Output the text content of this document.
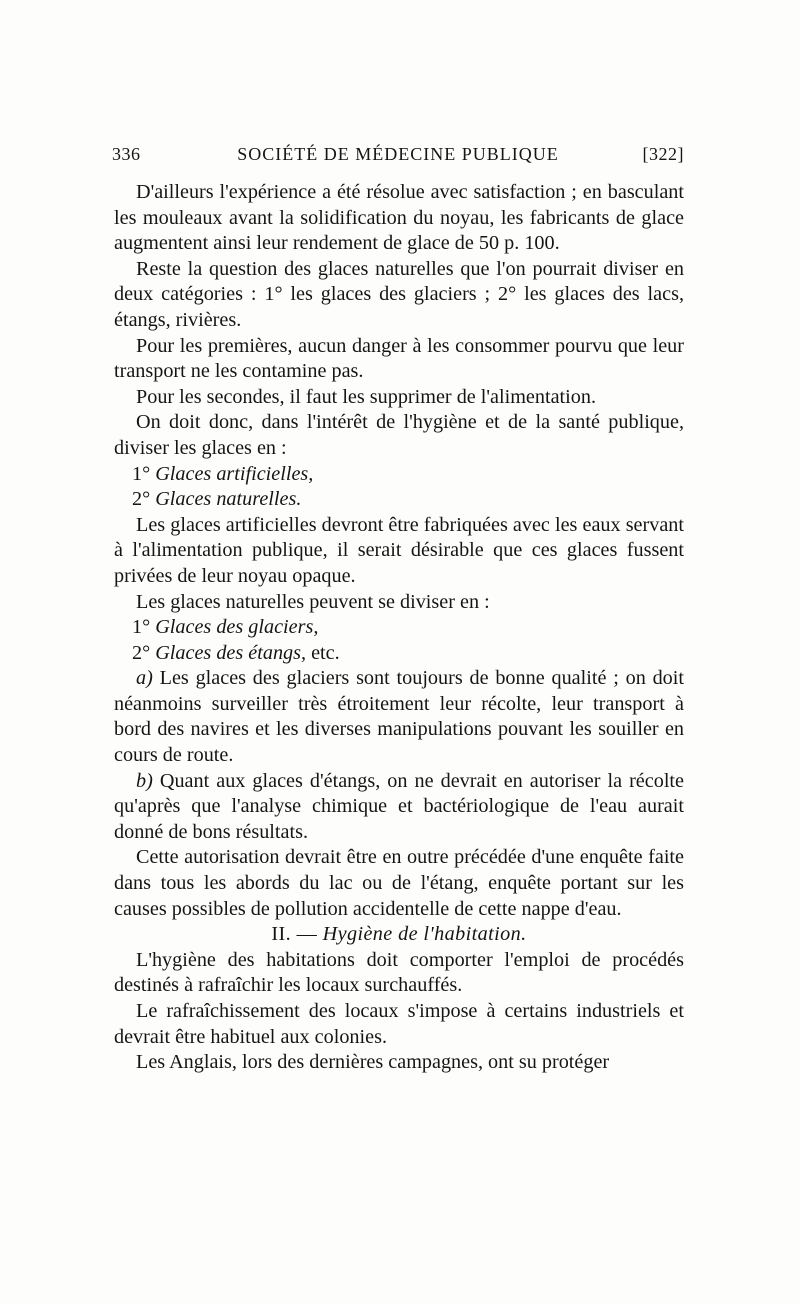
336	SOCIÉTÉ DE MÉDECINE PUBLIQUE	[322]

D'ailleurs l'expérience a été résolue avec satisfaction ; en basculant les mouleaux avant la solidification du noyau, les fabricants de glace augmentent ainsi leur rendement de glace de 50 p. 100.

Reste la question des glaces naturelles que l'on pourrait diviser en deux catégories : 1° les glaces des glaciers ; 2° les glaces des lacs, étangs, rivières.

Pour les premières, aucun danger à les consommer pourvu que leur transport ne les contamine pas.

Pour les secondes, il faut les supprimer de l'alimentation.

On doit donc, dans l'intérêt de l'hygiène et de la santé publique, diviser les glaces en :

1° Glaces artificielles,

2° Glaces naturelles.

Les glaces artificielles devront être fabriquées avec les eaux servant à l'alimentation publique, il serait désirable que ces glaces fussent privées de leur noyau opaque.

Les glaces naturelles peuvent se diviser en :

1° Glaces des glaciers,

2° Glaces des étangs, etc.

a) Les glaces des glaciers sont toujours de bonne qualité ; on doit néanmoins surveiller très étroitement leur récolte, leur transport à bord des navires et les diverses manipulations pouvant les souiller en cours de route.

b) Quant aux glaces d'étangs, on ne devrait en autoriser la récolte qu'après que l'analyse chimique et bactériologique de l'eau aurait donné de bons résultats.

Cette autorisation devrait être en outre précédée d'une enquête faite dans tous les abords du lac ou de l'étang, enquête portant sur les causes possibles de pollution accidentelle de cette nappe d'eau.

II. — Hygiène de l'habitation.

L'hygiène des habitations doit comporter l'emploi de procédés destinés à rafraîchir les locaux surchauffés.

Le rafraîchissement des locaux s'impose à certains industriels et devrait être habituel aux colonies.

Les Anglais, lors des dernières campagnes, ont su protéger
